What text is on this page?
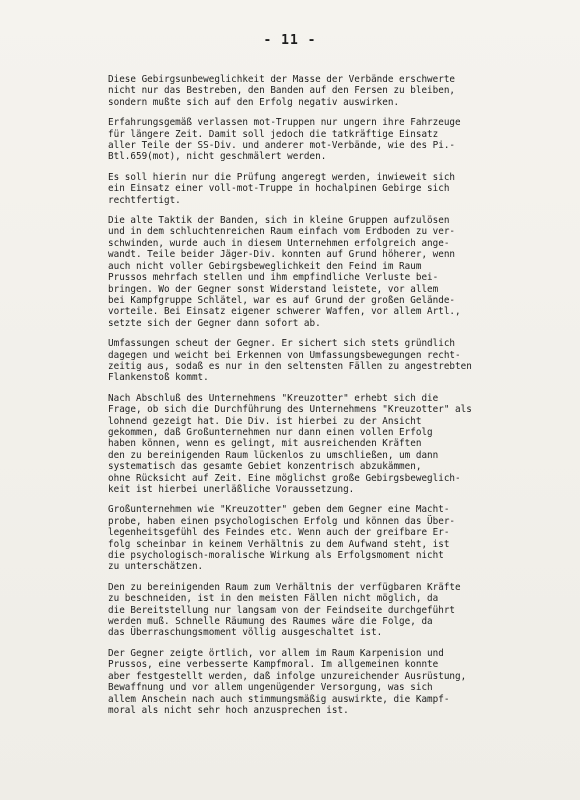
- 11 -

Diese Gebirgsunbeweglichkeit der Masse der Verbände erschwerte
nicht nur das Bestreben, den Banden auf den Fersen zu bleiben,
sondern mußte sich auf den Erfolg negativ auswirken.

Erfahrungsgemäß verlassen mot-Truppen nur ungern ihre Fahrzeuge
für längere Zeit. Damit soll jedoch die tatkräftige Einsatz
aller Teile der SS-Div. und anderer mot-Verbände, wie des Pi.-
Btl.659(mot), nicht geschmälert werden.

Es soll hierin nur die Prüfung angeregt werden, inwieweit sich
ein Einsatz einer voll-mot-Truppe in hochalpinen Gebirge sich
rechtfertigt.

Die alte Taktik der Banden, sich in kleine Gruppen aufzulösen
und in dem schluchtenreichen Raum einfach vom Erdboden zu ver-
schwinden, wurde auch in diesem Unternehmen erfolgreich ange-
wandt. Teile beider Jäger-Div. konnten auf Grund höherer, wenn
auch nicht voller Gebirgsbeweglichkeit den Feind im Raum
Prussos mehrfach stellen und ihm empfindliche Verluste bei-
bringen. Wo der Gegner sonst Widerstand leistete, vor allem
bei Kampfgruppe Schlätel, war es auf Grund der großen Gelände-
vorteile. Bei Einsatz eigener schwerer Waffen, vor allem Artl.,
setzte sich der Gegner dann sofort ab.

Umfassungen scheut der Gegner. Er sichert sich stets gründlich
dagegen und weicht bei Erkennen von Umfassungsbewegungen recht-
zeitig aus, sodaß es nur in den seltensten Fällen zu angestrebten
Flankenstoß kommt.

Nach Abschluß des Unternehmens "Kreuzotter" erhebt sich die
Frage, ob sich die Durchführung des Unternehmens "Kreuzotter" als
lohnend gezeigt hat. Die Div. ist hierbei zu der Ansicht
gekommen, daß Großunternehmen nur dann einen vollen Erfolg
haben können, wenn es gelingt, mit ausreichenden Kräften
den zu bereinigenden Raum lückenlos zu umschließen, um dann
systematisch das gesamte Gebiet konzentrisch abzukämmen,
ohne Rücksicht auf Zeit. Eine möglichst große Gebirgsbeweglich-
keit ist hierbei unerläßliche Voraussetzung.

Großunternehmen wie "Kreuzotter" geben dem Gegner eine Macht-
probe, haben einen psychologischen Erfolg und können das Über-
legenheitsgefühl des Feindes etc. Wenn auch der greifbare Er-
folg scheinbar in keinem Verhältnis zu dem Aufwand steht, ist
die psychologisch-moralische Wirkung als Erfolgsmoment nicht
zu unterschätzen.

Den zu bereinigenden Raum zum Verhältnis der verfügbaren Kräfte
zu beschneiden, ist in den meisten Fällen nicht möglich, da
die Bereitstellung nur langsam von der Feindseite durchgeführt
werden muß. Schnelle Räumung des Raumes wäre die Folge, da
das Überraschungsmoment völlig ausgeschaltet ist.

Der Gegner zeigte örtlich, vor allem im Raum Karpenision und
Prussos, eine verbesserte Kampfmoral. Im allgemeinen konnte
aber festgestellt werden, daß infolge unzureichender Ausrüstung,
Bewaffnung und vor allem ungenügender Versorgung, was sich
allem Anschein nach auch stimmungsmäßig auswirkte, die Kampf-
moral als nicht sehr hoch anzusprechen ist.
